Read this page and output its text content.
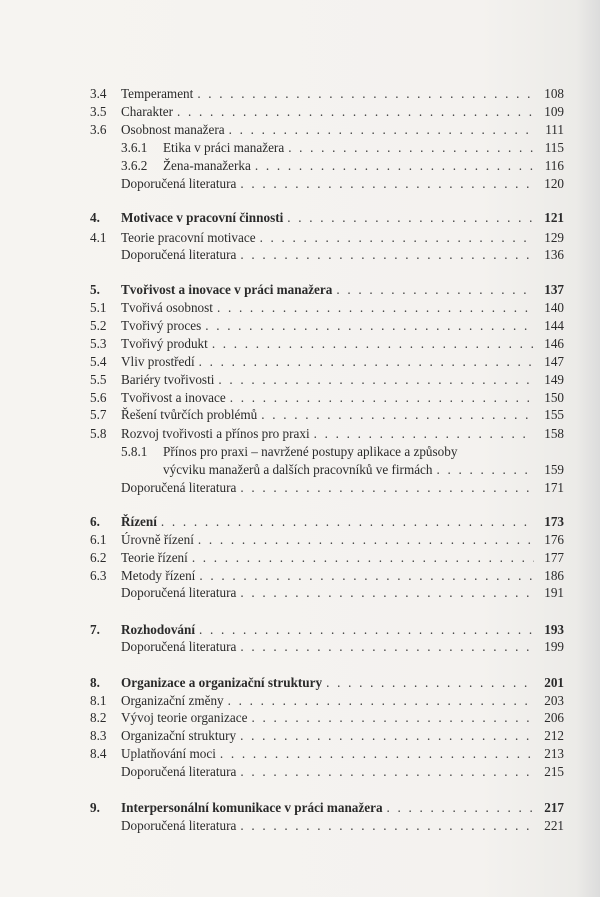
3.4 Temperament . . .	108
3.5 Charakter . . .	109
3.6 Osobnost manažera . . .	111
3.6.1 Etika v práci manažera . . .	115
3.6.2 Žena-manažerka . . .	116
Doporučená literatura . . .	120
4. Motivace v pracovní činnosti . . .	121
4.1 Teorie pracovní motivace . . .	129
Doporučená literatura . . .	136
5. Tvořivost a inovace v práci manažera . . .	137
5.1 Tvořivá osobnost . . .	140
5.2 Tvořivý proces . . .	144
5.3 Tvořivý produkt . . .	146
5.4 Vliv prostředí . . .	147
5.5 Bariéry tvořivosti . . .	149
5.6 Tvořivost a inovace . . .	150
5.7 Řešení tvůrčích problémů . . .	155
5.8 Rozvoj tvořivosti a přínos pro praxi . . .	158
5.8.1 Přínos pro praxi – navržené postupy aplikace a způsoby
výcviku manažerů a dalších pracovníků ve firmách . . .	159
Doporučená literatura . . .	171
6. Řízení . . .	173
6.1 Úrovně řízení . . .	176
6.2 Teorie řízení . . .	177
6.3 Metody řízení . . .	186
Doporučená literatura . . .	191
7. Rozhodování . . .	193
Doporučená literatura . . .	199
8. Organizace a organizační struktury . . .	201
8.1 Organizační změny . . .	203
8.2 Vývoj teorie organizace . . .	206
8.3 Organizační struktury . . .	212
8.4 Uplatňování moci . . .	213
Doporučená literatura . . .	215
9. Interpersonální komunikace v práci manažera . . .	217
Doporučená literatura . . .	221
